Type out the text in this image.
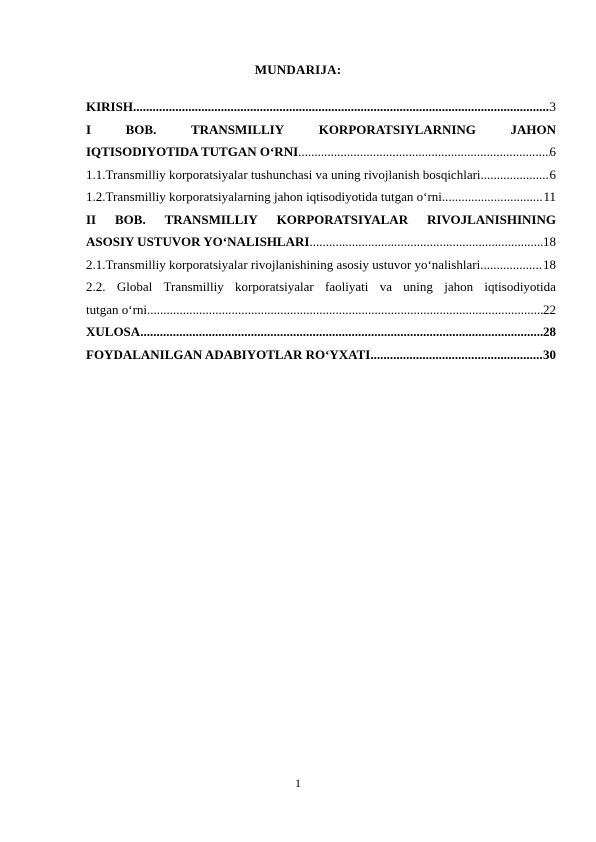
MUNDARIJA:
KIRISH .....	3
I	BOB.	TRANSMILLIY	KORPORATSIYLARNING	JAHON
IQTISODIYOTIDA TUTGAN O‘RNI .....	6
1.1.Transmilliy korporatsiyalar tushunchasi va uning rivojlanish bosqichlari .....	6
1.2.Transmilliy korporatsiyalarning jahon iqtisodiyotida tutgan o‘rni .....	11
II BOB. TRANSMILLIY KORPORATSIYALAR RIVOJLANISHINING
ASOSIY USTUVOR YO‘NALISHLARI .....	18
2.1.Transmilliy korporatsiyalar rivojlanishining asosiy ustuvor yo‘nalishlari .....	18
2.2. Global Transmilliy korporatsiyalar faoliyati va uning jahon iqtisodiyotida
tutgan o‘rni .....	22
XULOSA .....	28
FOYDALANILGAN ADABIYOTLAR RO‘YXATI .....	30
1
